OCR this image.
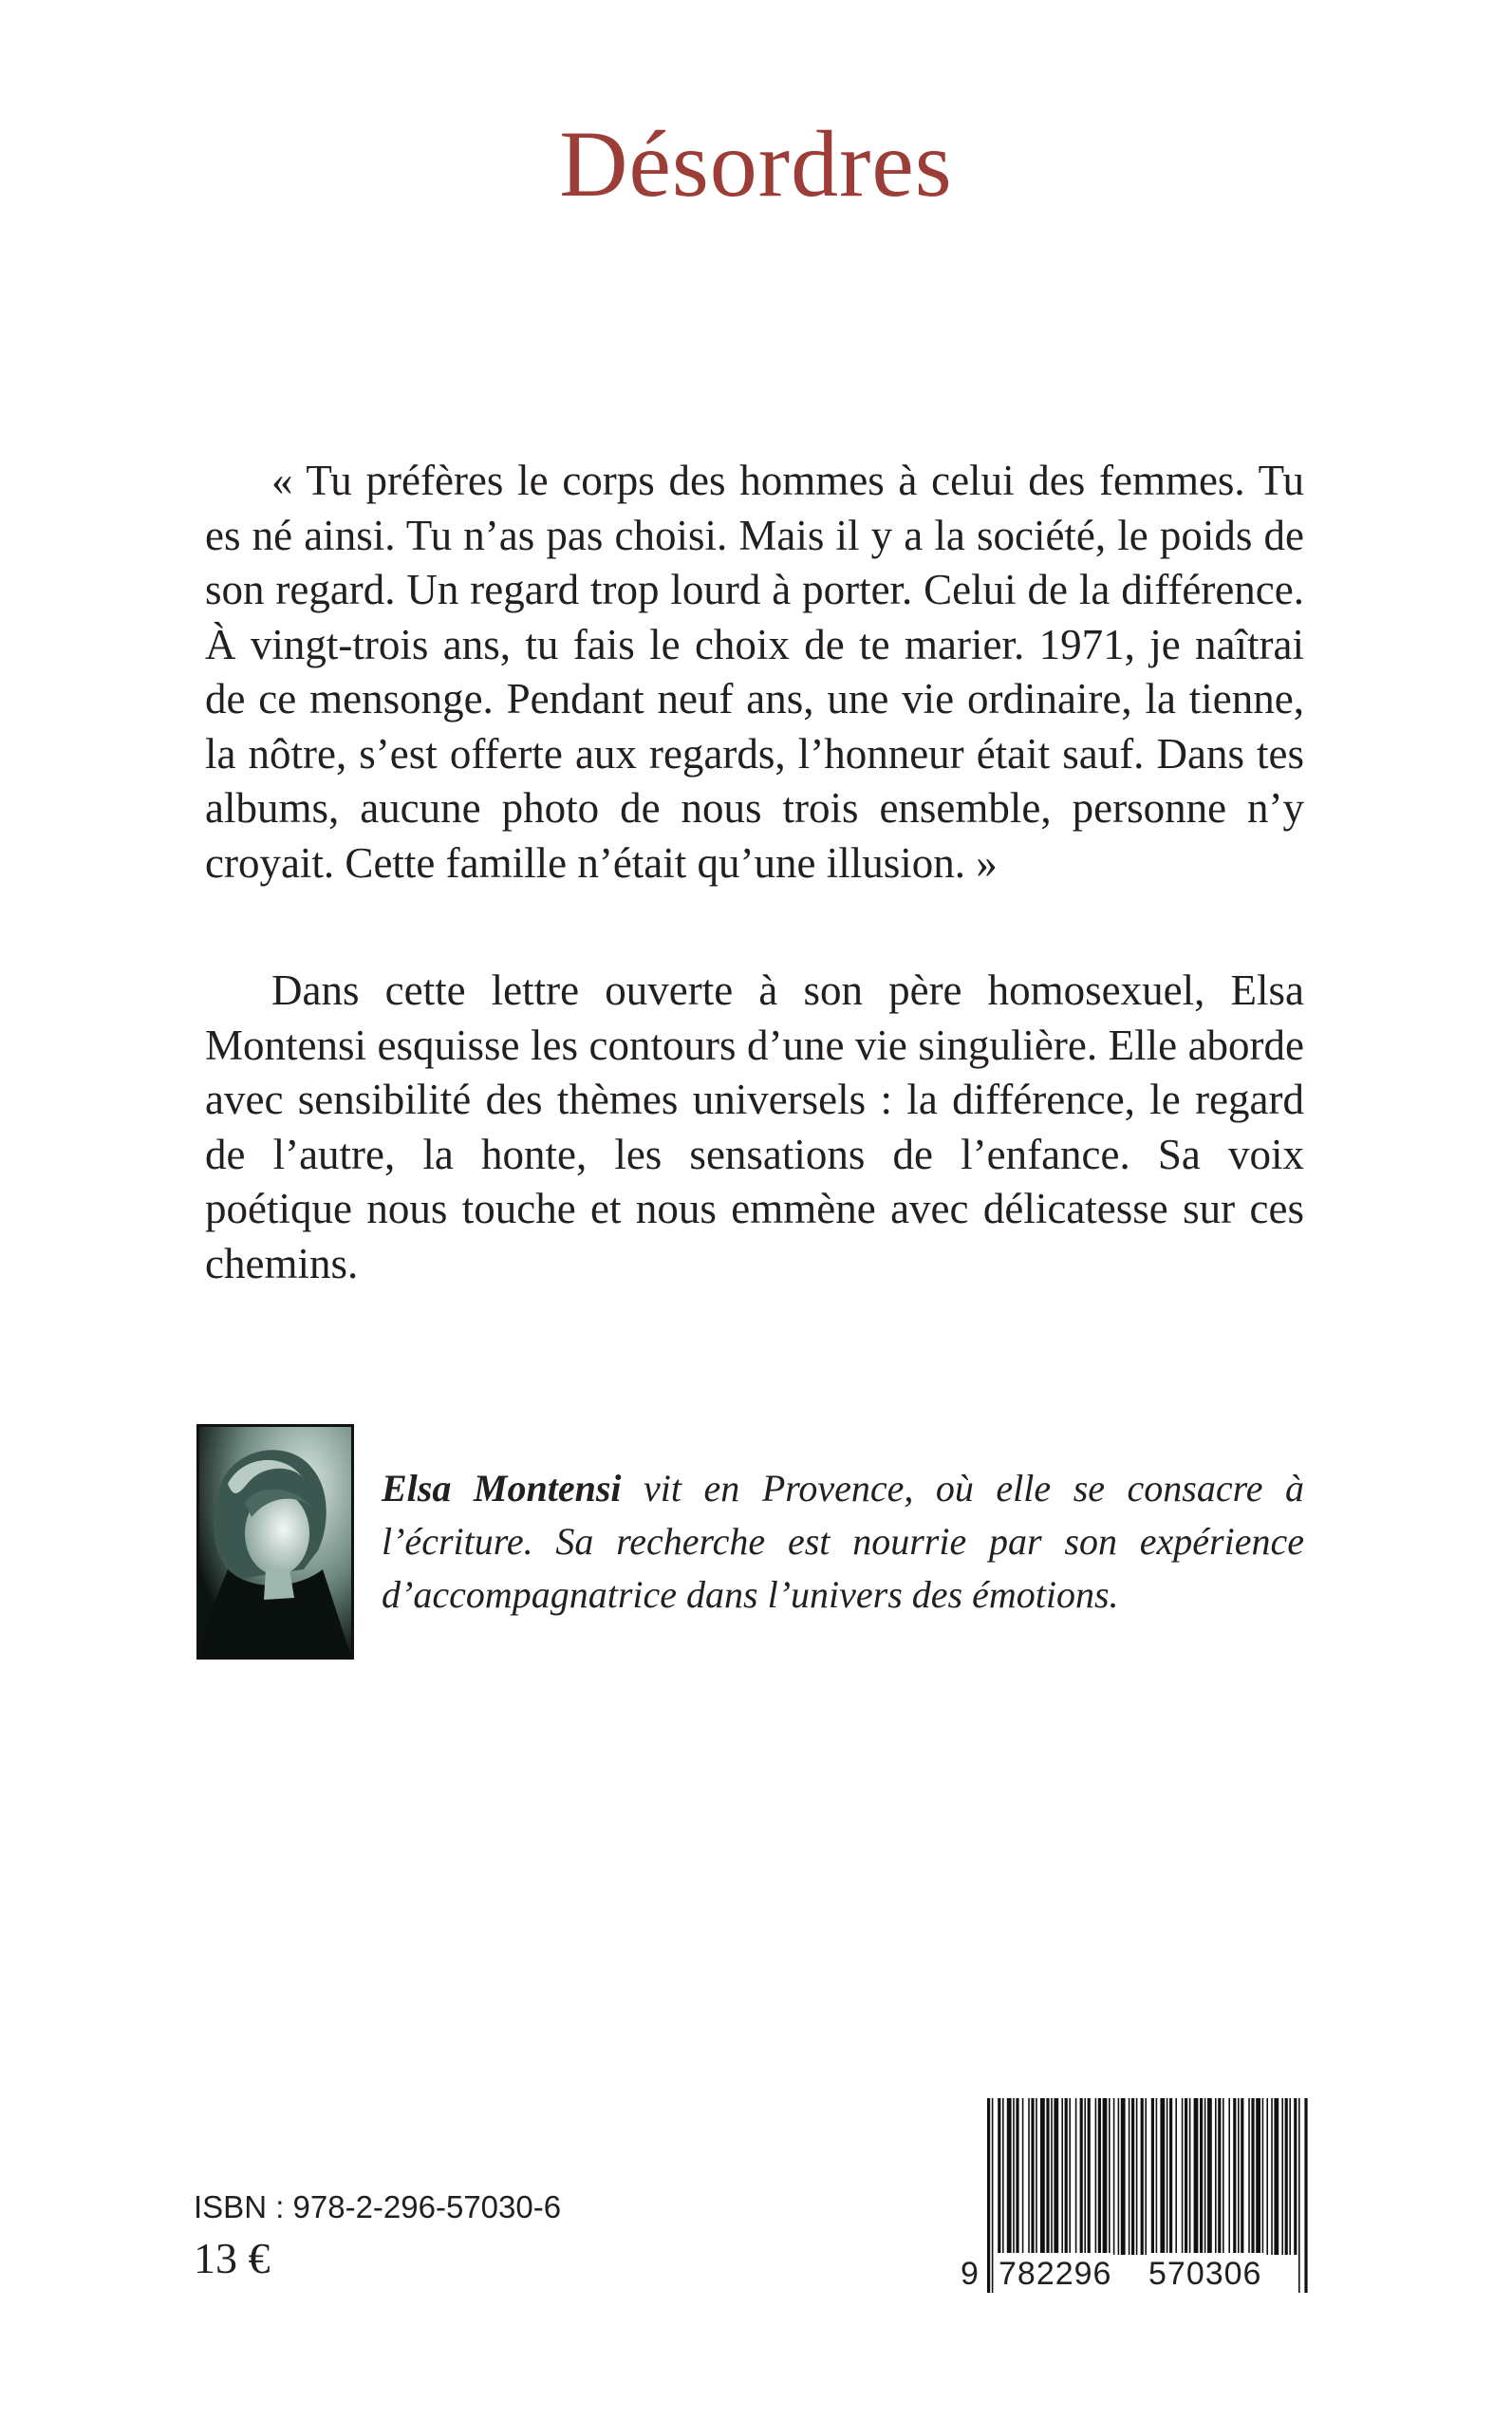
Désordres

« Tu préfères le corps des hommes à celui des femmes. Tu es né ainsi. Tu n’as pas choisi. Mais il y a la société, le poids de son regard. Un regard trop lourd à porter. Celui de la différence. À vingt-trois ans, tu fais le choix de te marier. 1971, je naîtrai de ce mensonge. Pendant neuf ans, une vie ordinaire, la tienne, la nôtre, s’est offerte aux regards, l’honneur était sauf. Dans tes albums, aucune photo de nous trois ensemble, personne n’y croyait. Cette famille n’était qu’une illusion. »

Dans cette lettre ouverte à son père homosexuel, Elsa Montensi esquisse les contours d’une vie singulière. Elle aborde avec sensibilité des thèmes universels : la différence, le regard de l’autre, la honte, les sensations de l’enfance. Sa voix poétique nous touche et nous emmène avec délicatesse sur ces chemins.

Elsa Montensi vit en Provence, où elle se consacre à l’écriture. Sa recherche est nourrie par son expérience d’accompagnatrice dans l’univers des émotions.
ISBN : 978-2-296-57030-6
13 €

	9

782296

570306
